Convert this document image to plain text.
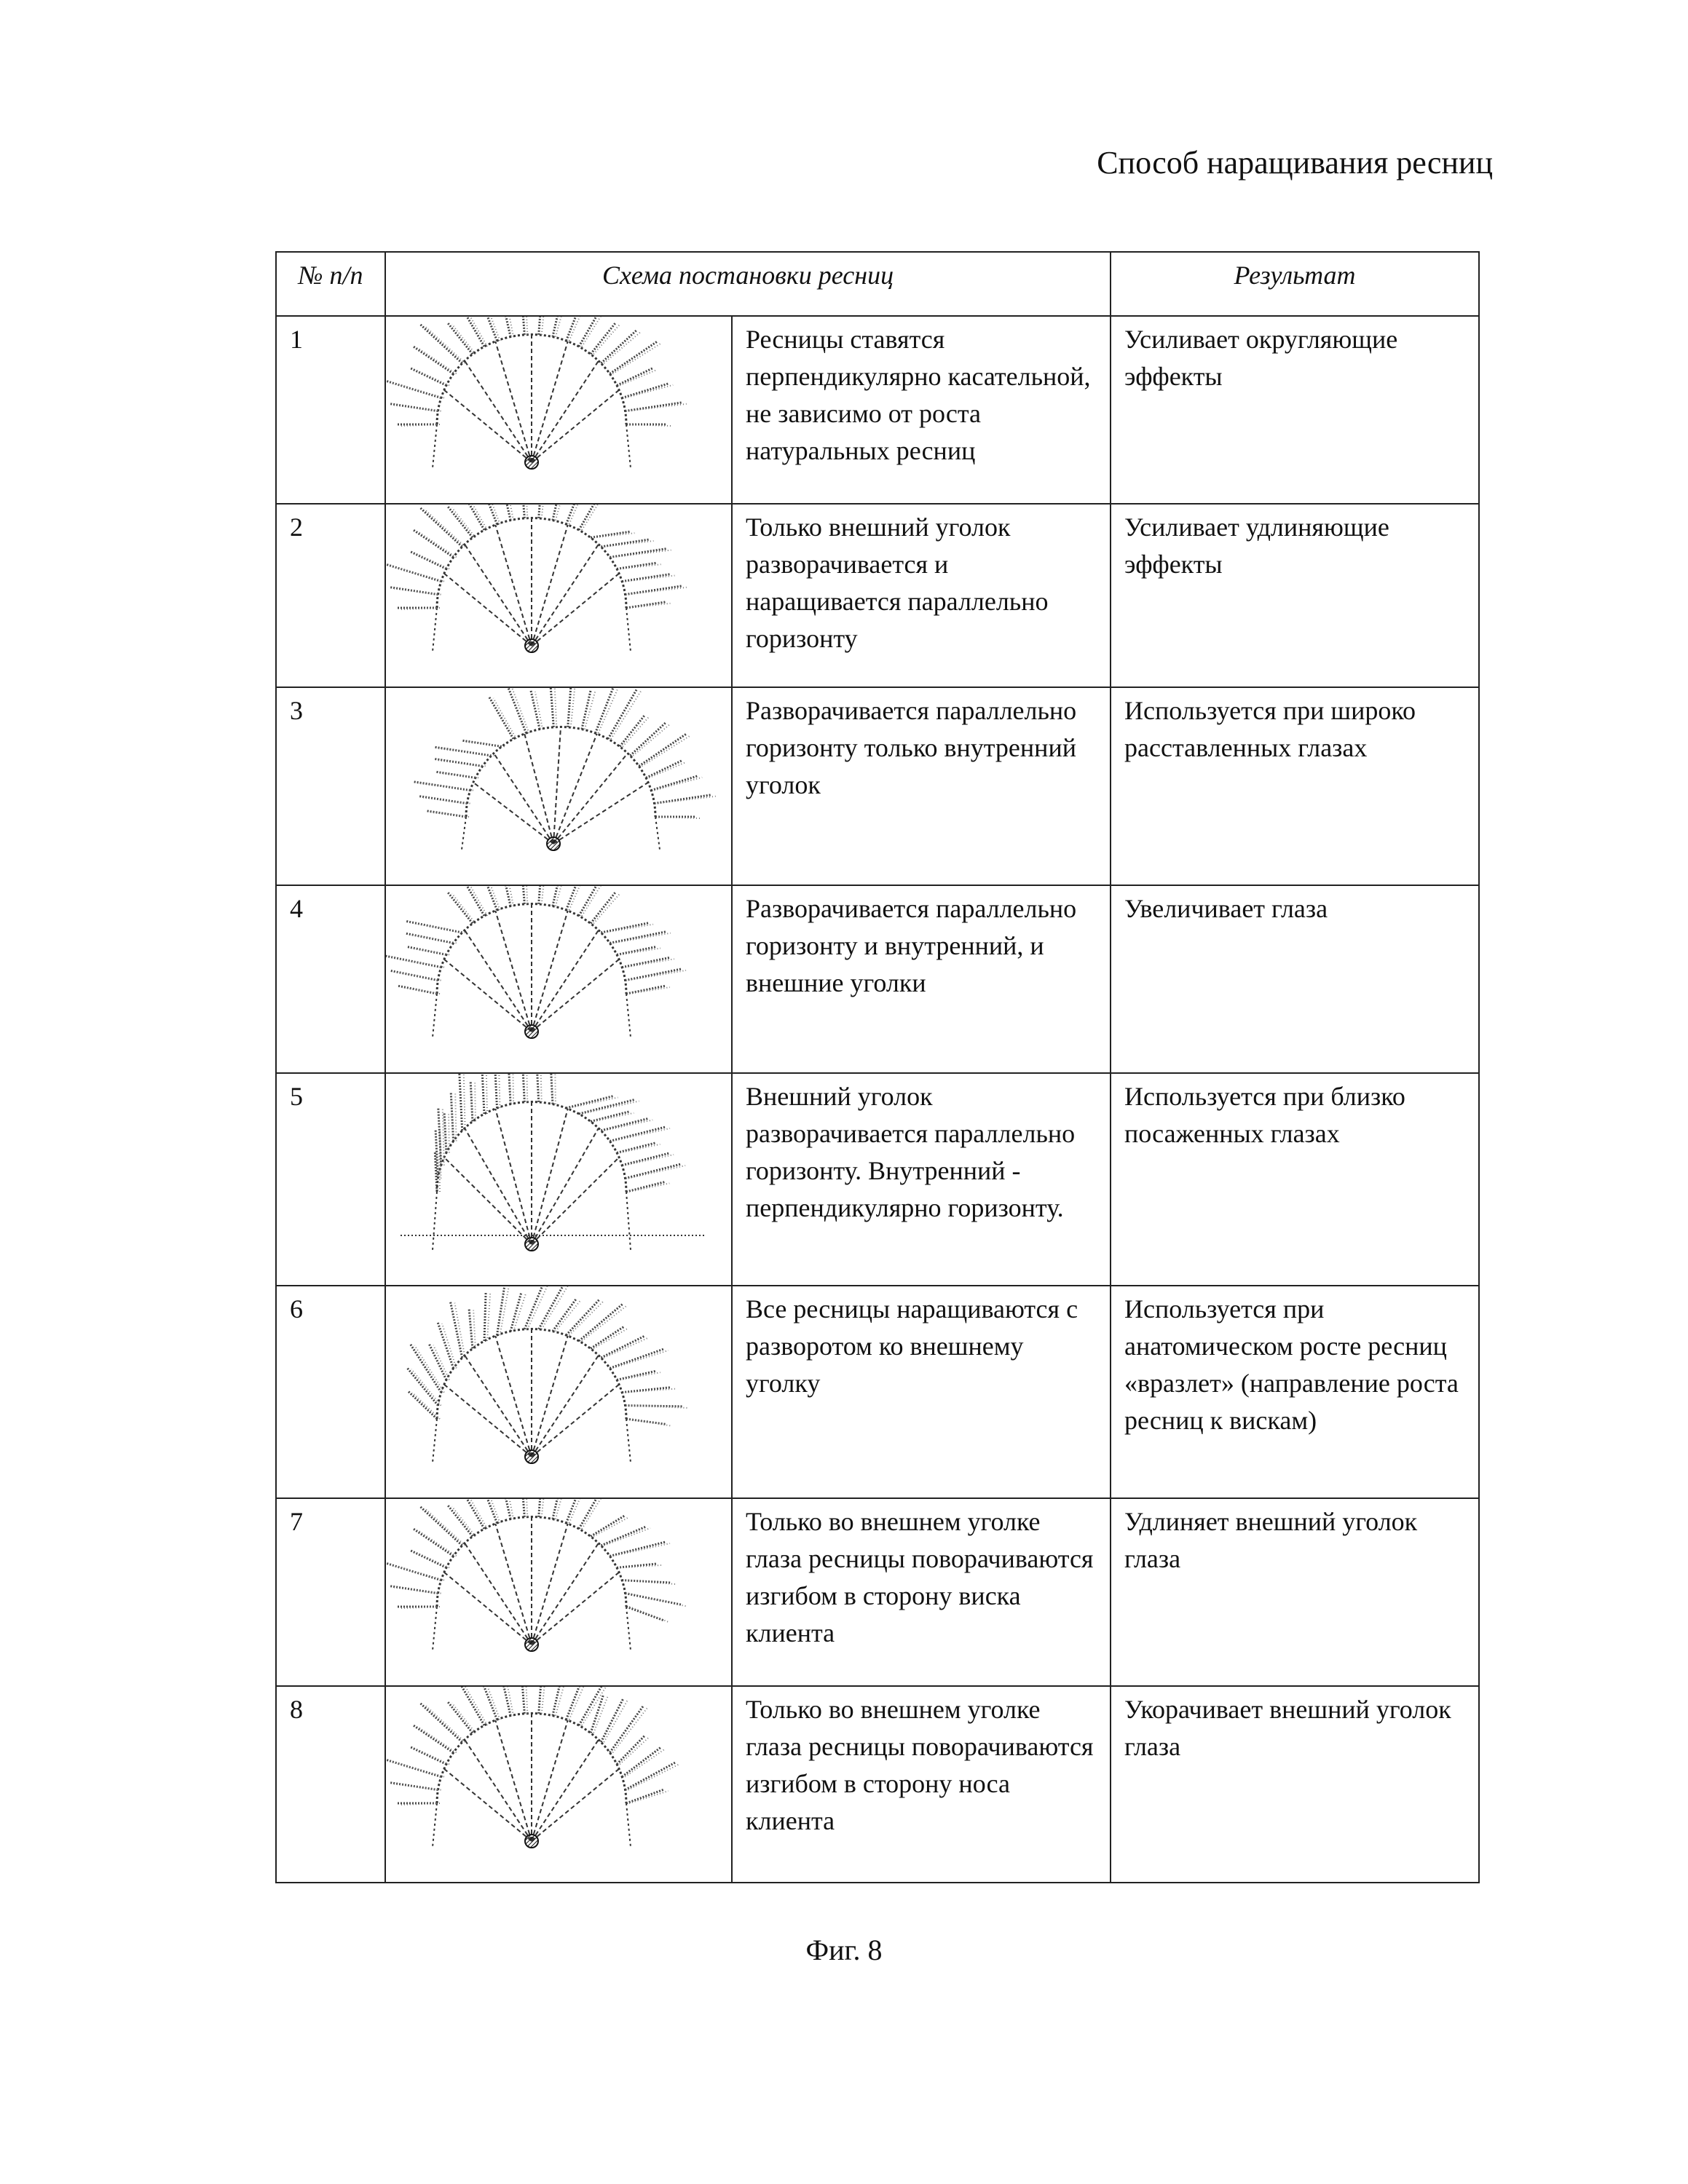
Способ наращивания ресниц
№ п/п	Схема постановки ресниц		Результат
1		Ресницы ставятся перпендикулярно касательной, не зависимо от роста натуральных ресниц	Усиливает округляющие эффекты
2		Только внешний уголок разворачивается и наращивается параллельно горизонту	Усиливает удлиняющие эффекты
3		Разворачивается параллельно горизонту только внутренний уголок	Используется при широко расставленных глазах
4		Разворачивается параллельно горизонту и внутренний, и внешние уголки	Увеличивает глаза
5		Внешний уголок разворачивается параллельно горизонту. Внутренний - перпендикулярно горизонту.	Используется при близко посаженных глазах
6		Все ресницы наращиваются с разворотом ко внешнему уголку	Используется при анатомическом росте ресниц «вразлет» (направление роста ресниц к вискам)
7		Только во внешнем уголке глаза ресницы поворачиваются изгибом в сторону виска клиента	Удлиняет внешний уголок глаза
8		Только во внешнем уголке глаза ресницы поворачиваются изгибом в сторону носа клиента	Укорачивает внешний уголок глаза
Фиг. 8
